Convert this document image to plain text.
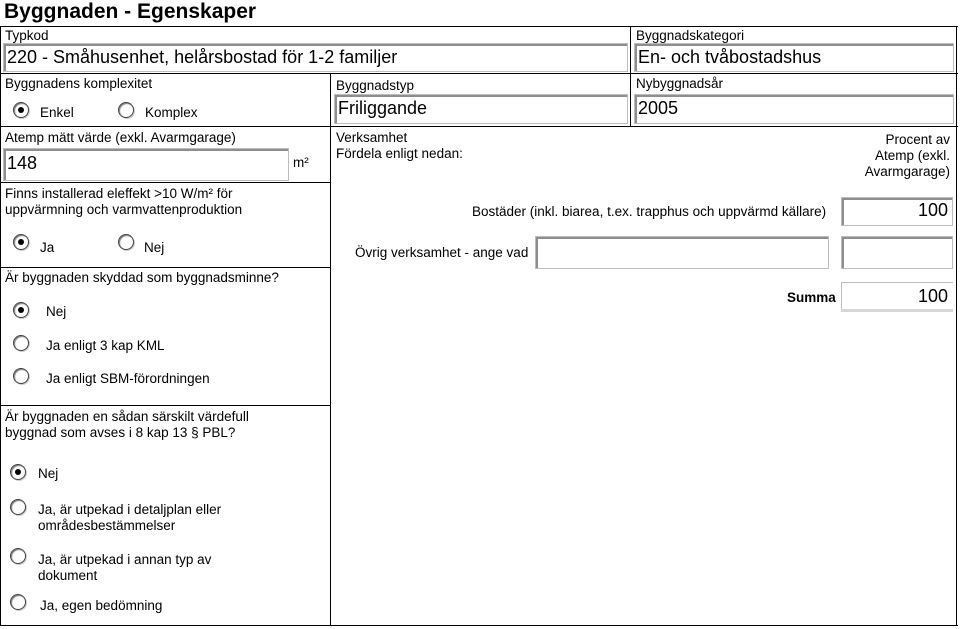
Byggnaden - Egenskaper
Typkod
220 - Småhusenhet, helårsbostad för 1-2 familjer
Byggnadskategori
En- och tvåbostadshus
Byggnadens komplexitet
Enkel	Komplex
Byggnadstyp
Friliggande
Nybyggnadsår
2005
Atemp mätt värde (exkl. Avarmgarage)
148	m²
Verksamhet
Fördela enligt nedan:
Procent av
Atemp (exkl.
Avarmgarage)
Bostäder (inkl. biarea, t.ex. trapphus och uppvärmd källare)	100
Övrig verksamhet - ange vad
Summa	100
Finns installerad eleffekt >10 W/m² för
uppvärmning och varmvattenproduktion
Ja	Nej
Är byggnaden skyddad som byggnadsminne?
Nej
Ja enligt 3 kap KML
Ja enligt SBM-förordningen
Är byggnaden en sådan särskilt värdefull
byggnad som avses i 8 kap 13 § PBL?
Nej
Ja, är utpekad i detaljplan eller
områdesbestämmelser
Ja, är utpekad i annan typ av
dokument
Ja, egen bedömning
